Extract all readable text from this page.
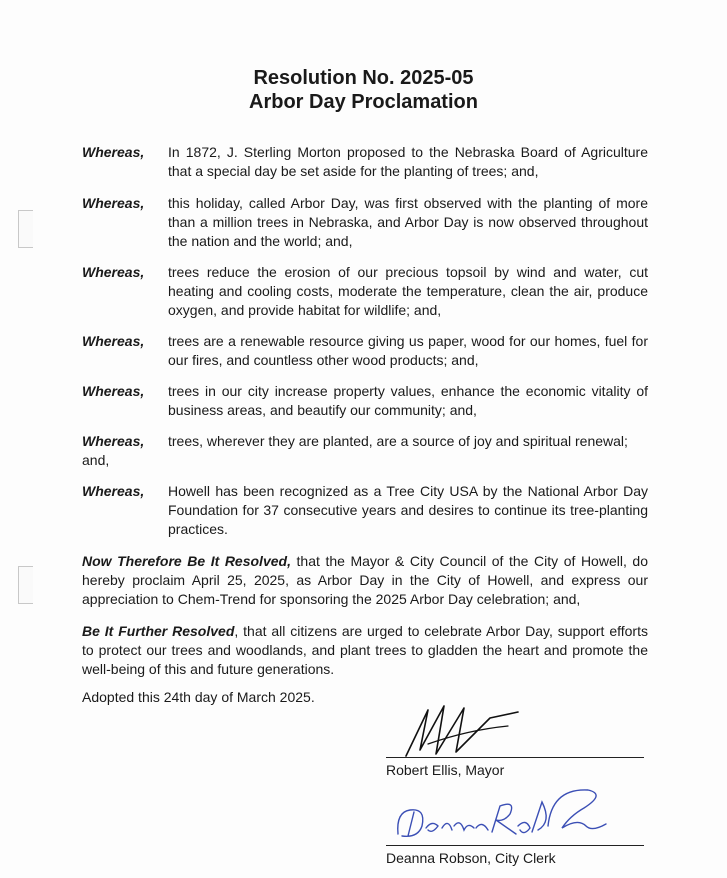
Resolution No. 2025-05
Arbor Day Proclamation
Whereas, In 1872, J. Sterling Morton proposed to the Nebraska Board of Agriculture that a special day be set aside for the planting of trees; and,
Whereas, this holiday, called Arbor Day, was first observed with the planting of more than a million trees in Nebraska, and Arbor Day is now observed throughout the nation and the world; and,
Whereas, trees reduce the erosion of our precious topsoil by wind and water, cut heating and cooling costs, moderate the temperature, clean the air, produce oxygen, and provide habitat for wildlife; and,
Whereas, trees are a renewable resource giving us paper, wood for our homes, fuel for our fires, and countless other wood products; and,
Whereas, trees in our city increase property values, enhance the economic vitality of business areas, and beautify our community; and,
Whereas, trees, wherever they are planted, are a source of joy and spiritual renewal;
and,
Whereas, Howell has been recognized as a Tree City USA by the National Arbor Day Foundation for 37 consecutive years and desires to continue its tree-planting practices.
Now Therefore Be It Resolved, that the Mayor & City Council of the City of Howell, do hereby proclaim April 25, 2025, as Arbor Day in the City of Howell, and express our appreciation to Chem-Trend for sponsoring the 2025 Arbor Day celebration; and,
Be It Further Resolved, that all citizens are urged to celebrate Arbor Day, support efforts to protect our trees and woodlands, and plant trees to gladden the heart and promote the well-being of this and future generations.
Adopted this 24th day of March 2025.
Robert Ellis, Mayor
Deanna Robson, City Clerk
